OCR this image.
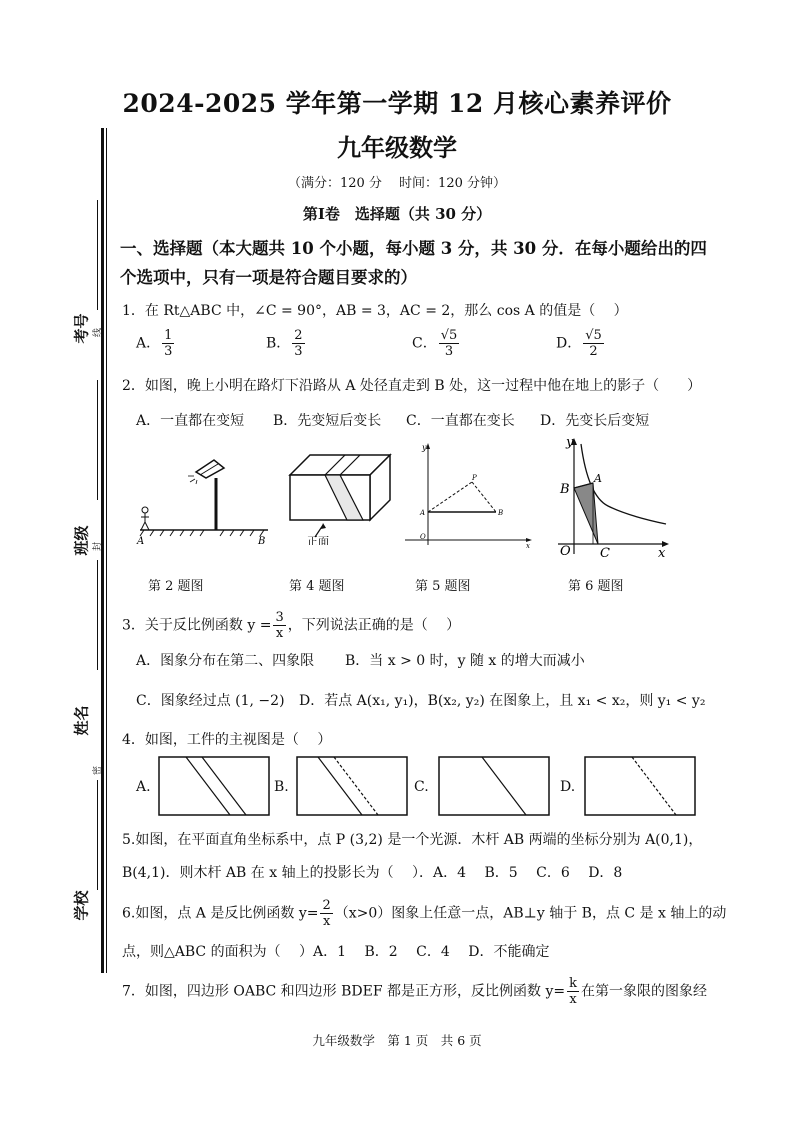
考号 线
班级 封
姓名
密
学校
2024-2025 学年第一学期 12 月核心素养评价
九年级数学
（满分：120 分　 时间：120 分钟）
第Ⅰ卷　选择题（共 30 分）
一、选择题（本大题共 10 个小题，每小题 3 分，共 30 分．在每小题给出的四个选项中，只有一项是符合题目要求的）
1．在 Rt△ABC 中，∠C = 90°，AB = 3，AC = 2，那么 cos A 的值是（　 ）
A． $\frac{1}{3}$	B． $\frac{2}{3}$	C． $\frac{√5}{3}$	D． $\frac{√5}{2}$
2．如图，晚上小明在路灯下沿路从 A 处径直走到 B 处，这一过程中他在地上的影子（　　）
A．一直都在变短 B．先变短后变长 C．一直都在变长 D．先变长后变短
A	B	正面
y
P
A	B
O
x
y
B
A
O C	x
第 2 题图	第 4 题图	第 5 题图	第 6 题图
3．关于反比例函数 $y = \frac{3}{x}$ ，下列说法正确的是（　 ）
A．图象分布在第二、四象限 B．当 x > 0 时，y 随 x 的增大而减小
C．图象经过点 (1, −2) D．若点 A(x₁, y₁)，B(x₂, y₂) 在图象上，且 x₁ < x₂，则 y₁ < y₂
4．如图，工件的主视图是（　 ）
A.	B.	C.	D.
5.如图，在平面直角坐标系中，点 P (3,2) 是一个光源．木杆 AB 两端的坐标分别为 A(0,1)，
B(4,1)．则木杆 AB 在 x 轴上的投影长为（　 ）．A．4　 B．5　 C．6　 D．8
6.如图，点 A 是反比例函数 $y= \frac{2}{x} (x>0)$图象上任意一点，AB⊥y 轴于 B，点 C 是 x 轴上的动
点，则△ABC 的面积为（　 ）A．1　 B．2　 C．4　 D．不能确定
7．如图，四边形 OABC 和四边形 BDEF 都是正方形，反比例函数 $y= \frac{k}{x}$ 在第一象限的图象经
九年级数学　第 1 页　共 6 页
